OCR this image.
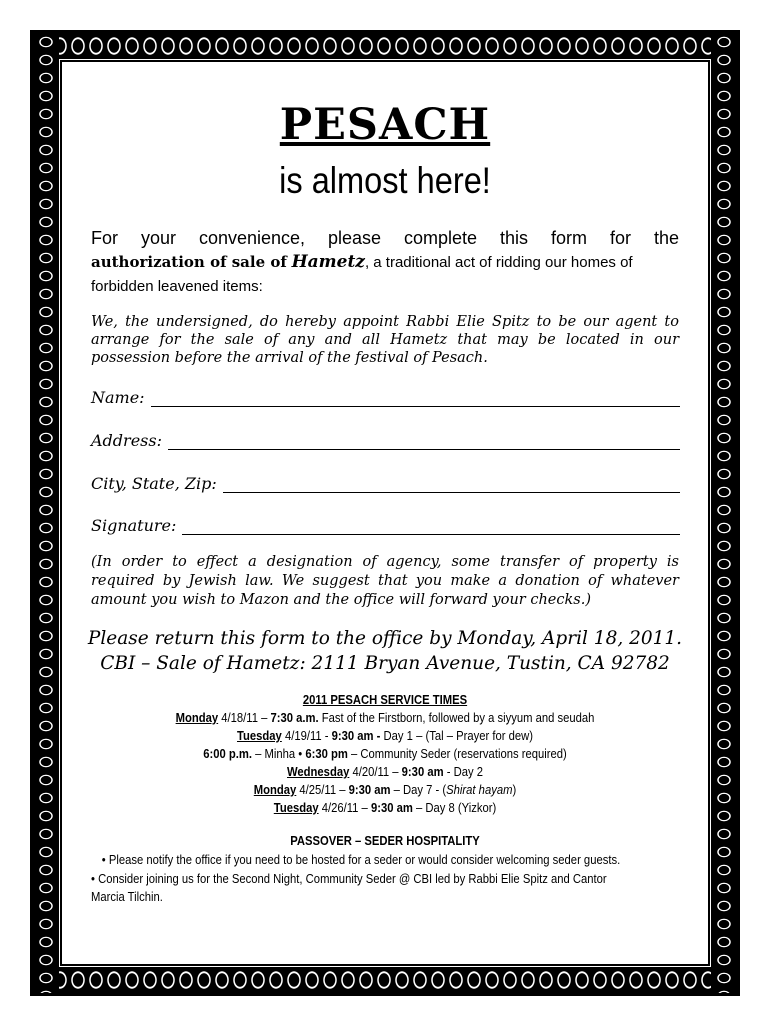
PESACH
is almost here!
For your convenience, please complete this form for the
authorization of sale of Hametz, a traditional act of ridding our homes of
forbidden leavened items:
We, the undersigned, do hereby appoint Rabbi Elie Spitz to be our agent to arrange for the sale of any and all Hametz that may be located in our possession before the arrival of the festival of Pesach.
Name:
Address:
City, State, Zip:
Signature:
(In order to effect a designation of agency, some transfer of property is required by Jewish law. We suggest that you make a donation of whatever amount you wish to Mazon and the office will forward your checks.)
Please return this form to the office by Monday, April 18, 2011.
CBI – Sale of Hametz: 2111 Bryan Avenue, Tustin, CA 92782
2011 PESACH SERVICE TIMES
Monday 4/18/11 – 7:30 a.m. Fast of the Firstborn, followed by a siyyum and seudah
Tuesday 4/19/11 - 9:30 am - Day 1 – (Tal – Prayer for dew)
6:00 p.m. – Minha • 6:30 pm – Community Seder (reservations required)
Wednesday 4/20/11 – 9:30 am - Day 2
Monday 4/25/11 – 9:30 am – Day 7 - (Shirat hayam)
Tuesday 4/26/11 – 9:30 am – Day 8 (Yizkor)
PASSOVER – SEDER HOSPITALITY
• Please notify the office if you need to be hosted for a seder or would consider welcoming seder guests.
• Consider joining us for the Second Night, Community Seder @ CBI led by Rabbi Elie Spitz and Cantor
Marcia Tilchin.
